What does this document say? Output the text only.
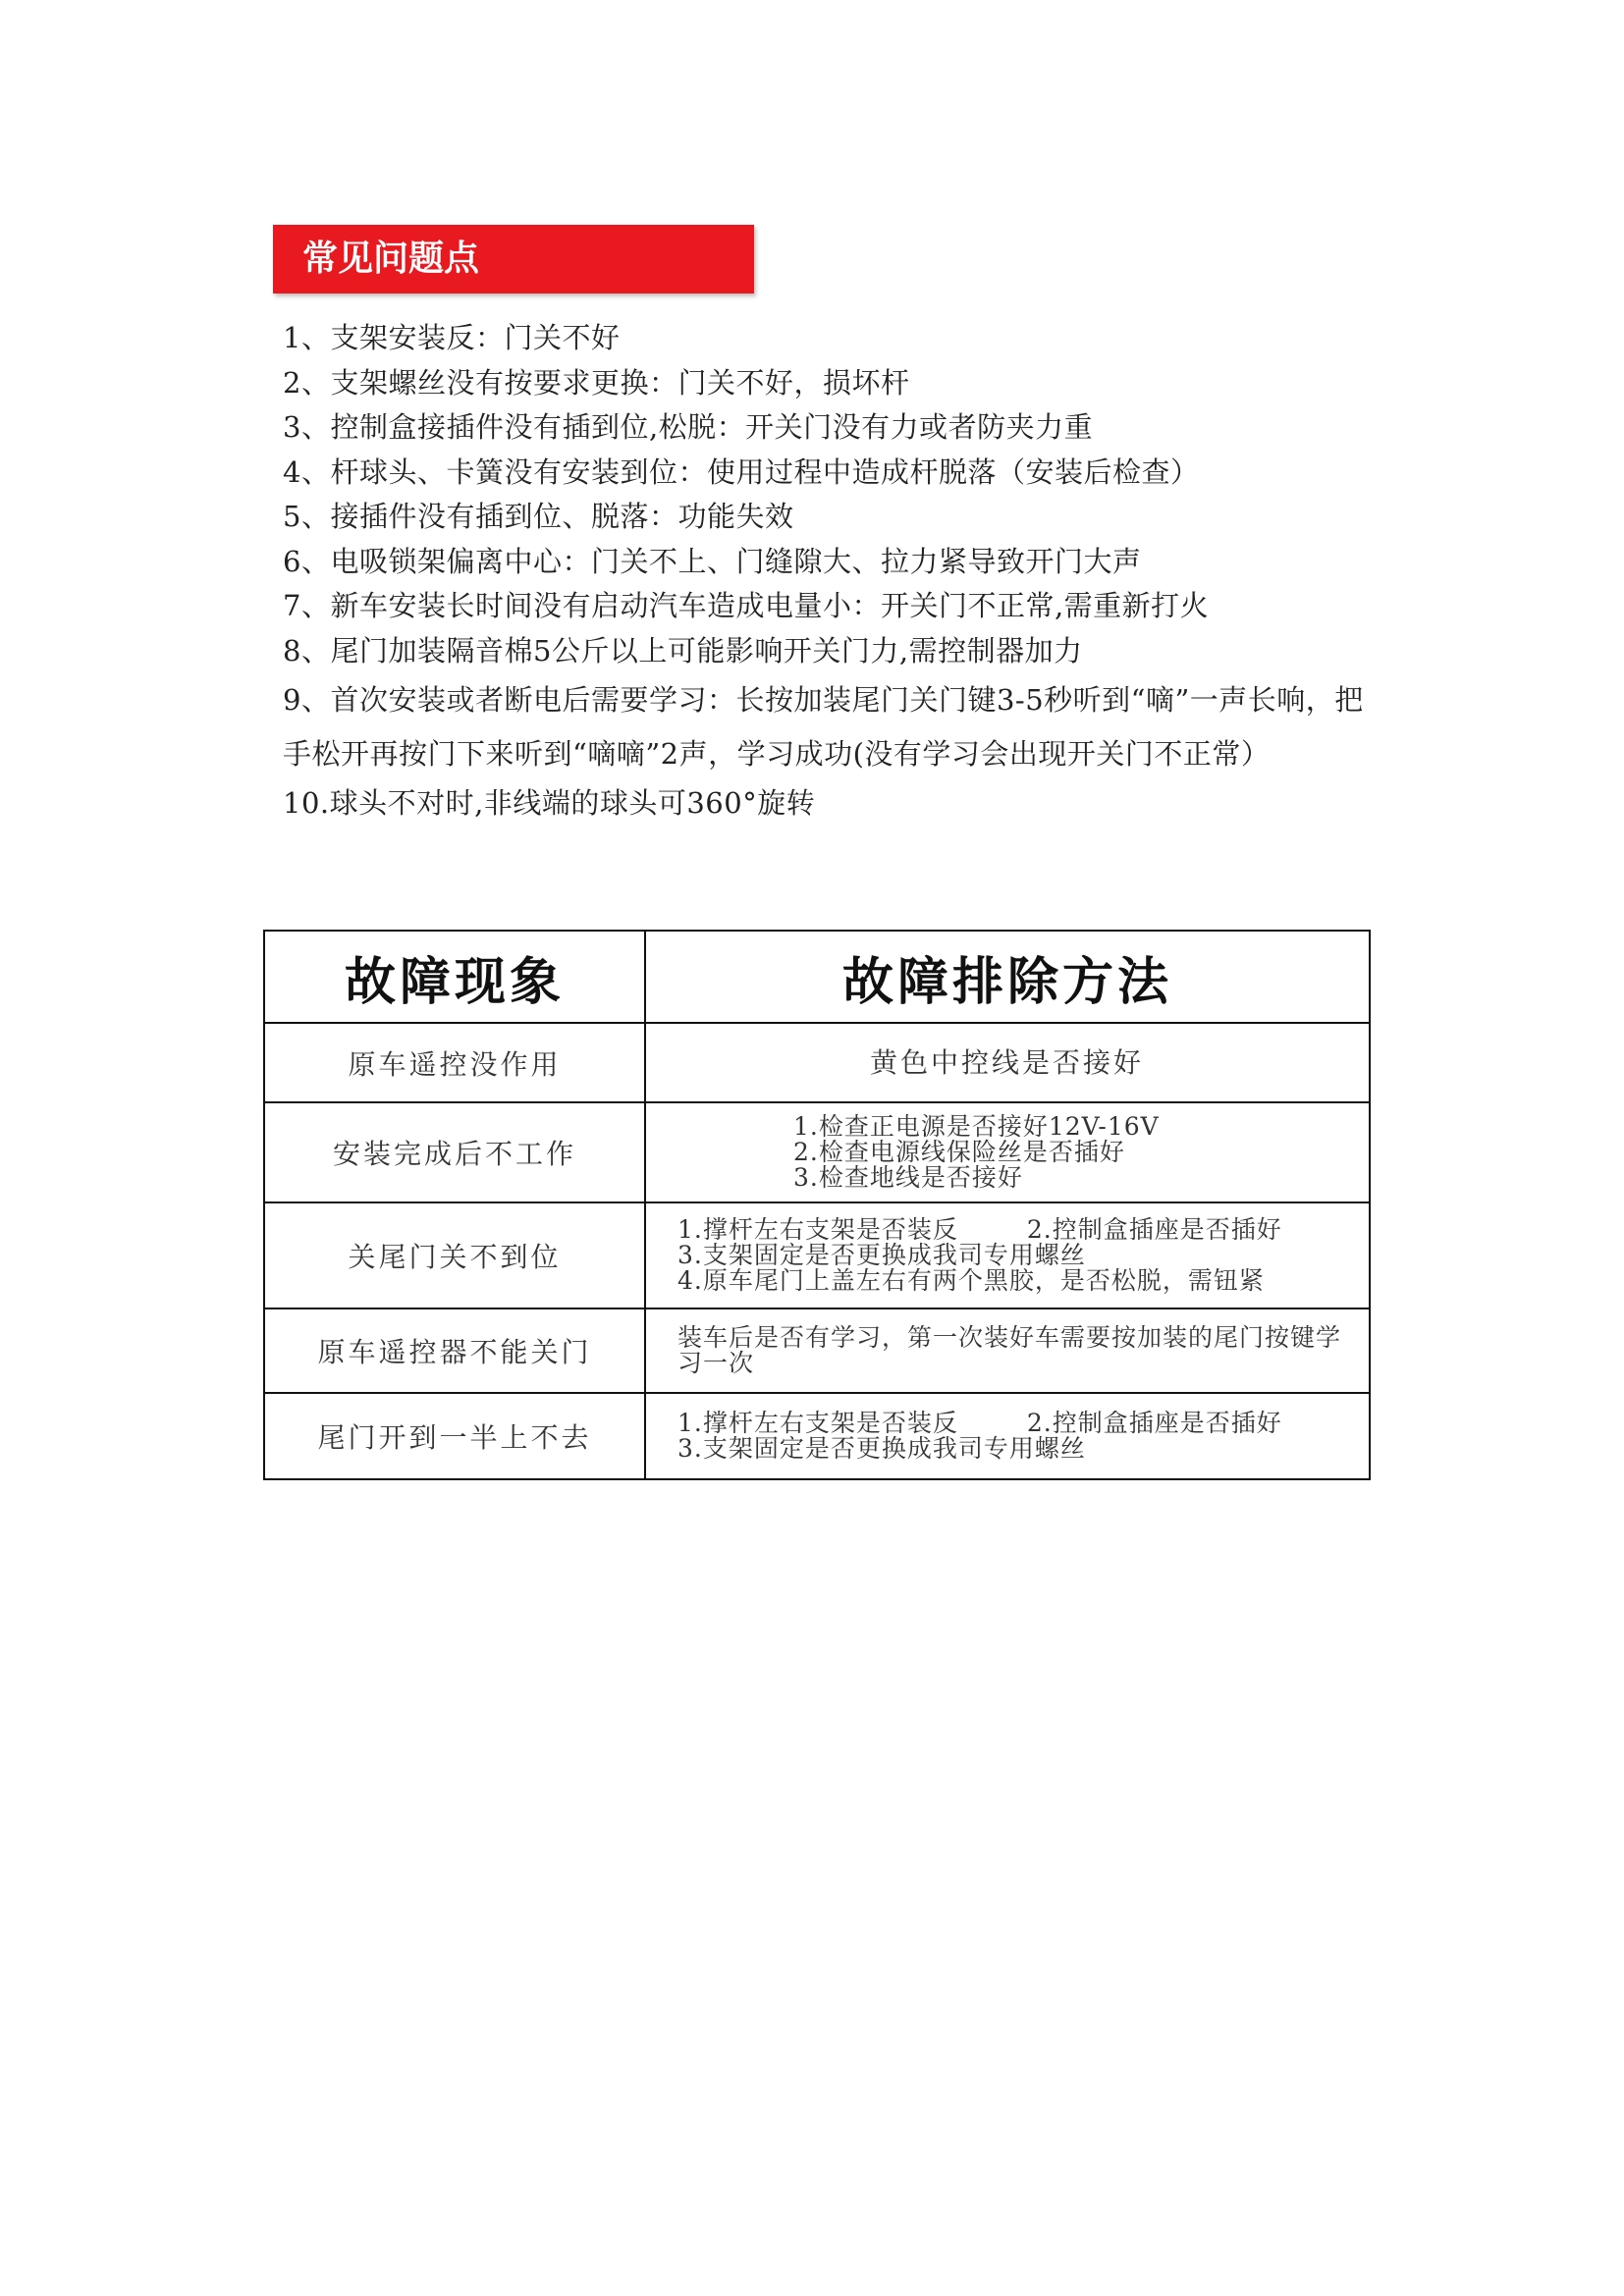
常见问题点

1、支架安装反：门关不好

2、支架螺丝没有按要求更换：门关不好，损坏杆

3、控制盒接插件没有插到位,松脱：开关门没有力或者防夹力重

4、杆球头、卡簧没有安装到位：使用过程中造成杆脱落（安装后检查）

5、接插件没有插到位、脱落：功能失效

6、电吸锁架偏离中心：门关不上、门缝隙大、拉力紧导致开门大声

7、新车安装长时间没有启动汽车造成电量小：开关门不正常,需重新打火

8、尾门加装隔音棉5公斤以上可能影响开关门力,需控制器加力

9、首次安装或者断电后需要学习：长按加装尾门关门键3-5秒听到“嘀”一声长响，把手松开再按门下来听到“嘀嘀”2声，学习成功(没有学习会出现开关门不正常）

10.球头不对时,非线端的球头可360°旋转

故障现象	故障排除方法
原车遥控没作用	黄色中控线是否接好
安装完成后不工作	1.检查正电源是否接好12V-16V
2.检查电源线保险丝是否插好
3.检查地线是否接好

关尾门关不到位	1.撑杆左右支架是否装反 2.控制盒插座是否插好
3.支架固定是否更换成我司专用螺丝
4.原车尾门上盖左右有两个黑胶，是否松脱，需钮紧

原车遥控器不能关门	装车后是否有学习，第一次装好车需要按加装的尾门按键学习一次

尾门开到一半上不去	1.撑杆左右支架是否装反 2.控制盒插座是否插好
3.支架固定是否更换成我司专用螺丝
